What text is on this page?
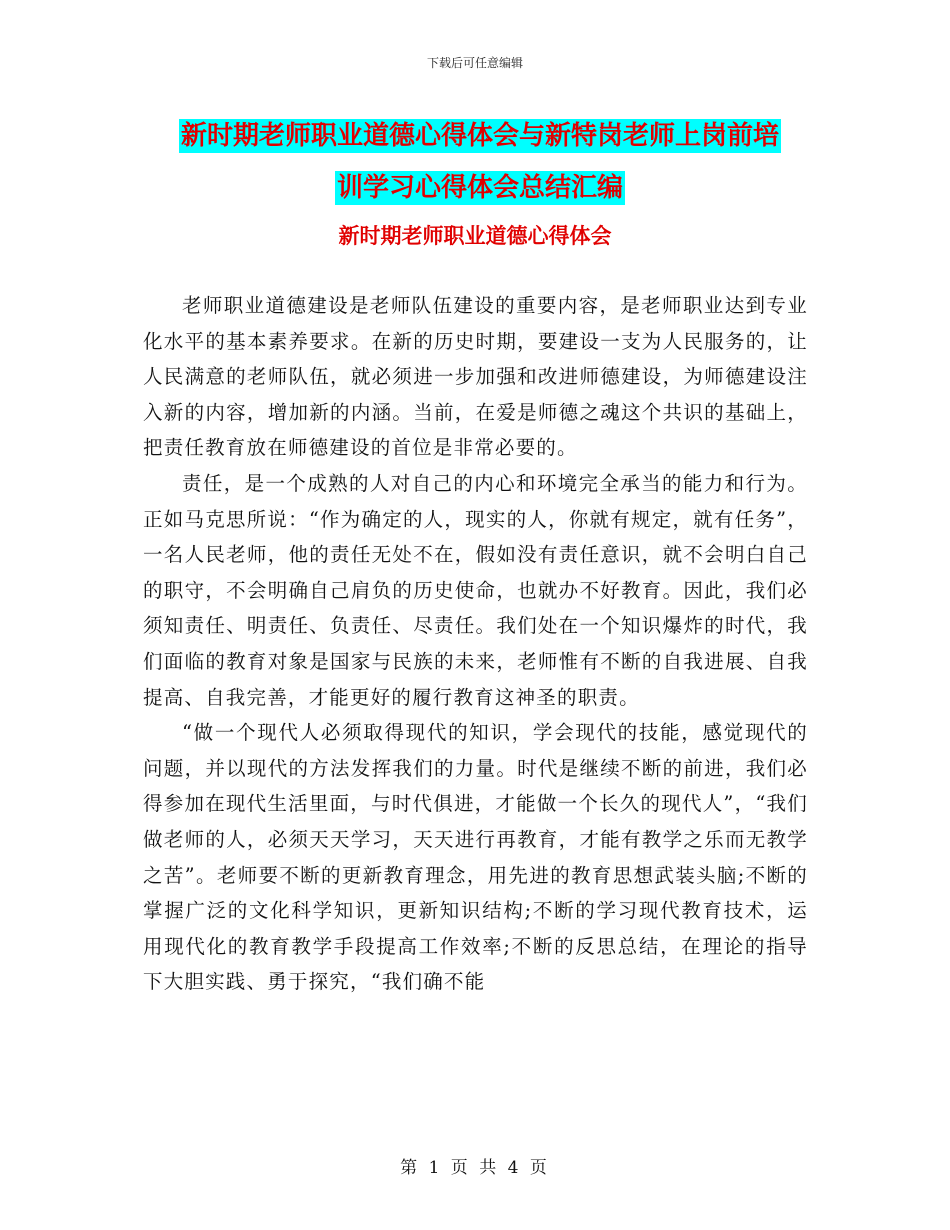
下载后可任意编辑
新时期老师职业道德心得体会与新特岗老师上岗前培
训学习心得体会总结汇编
新时期老师职业道德心得体会

老师职业道德建设是老师队伍建设的重要内容，是老师职业达到专业化水平的基本素养要求。在新的历史时期，要建设一支为人民服务的，让人民满意的老师队伍，就必须进一步加强和改进师德建设，为师德建设注入新的内容，增加新的内涵。当前，在爱是师德之魂这个共识的基础上，把责任教育放在师德建设的首位是非常必要的。

责任，是一个成熟的人对自己的内心和环境完全承当的能力和行为。正如马克思所说：“作为确定的人，现实的人，你就有规定，就有任务”，一名人民老师，他的责任无处不在，假如没有责任意识，就不会明白自己的职守，不会明确自己肩负的历史使命，也就办不好教育。因此，我们必须知责任、明责任、负责任、尽责任。我们处在一个知识爆炸的时代，我们面临的教育对象是国家与民族的未来，老师惟有不断的自我进展、自我提高、自我完善，才能更好的履行教育这神圣的职责。

“做一个现代人必须取得现代的知识，学会现代的技能，感觉现代的问题，并以现代的方法发挥我们的力量。时代是继续不断的前进，我们必得参加在现代生活里面，与时代俱进，才能做一个长久的现代人”，“我们做老师的人，必须天天学习，天天进行再教育，才能有教学之乐而无教学之苦”。老师要不断的更新教育理念，用先进的教育思想武装头脑;不断的掌握广泛的文化科学知识，更新知识结构;不断的学习现代教育技术，运用现代化的教育教学手段提高工作效率;不断的反思总结，在理论的指导下大胆实践、勇于探究，“我们确不能

第 1 页 共 4 页
